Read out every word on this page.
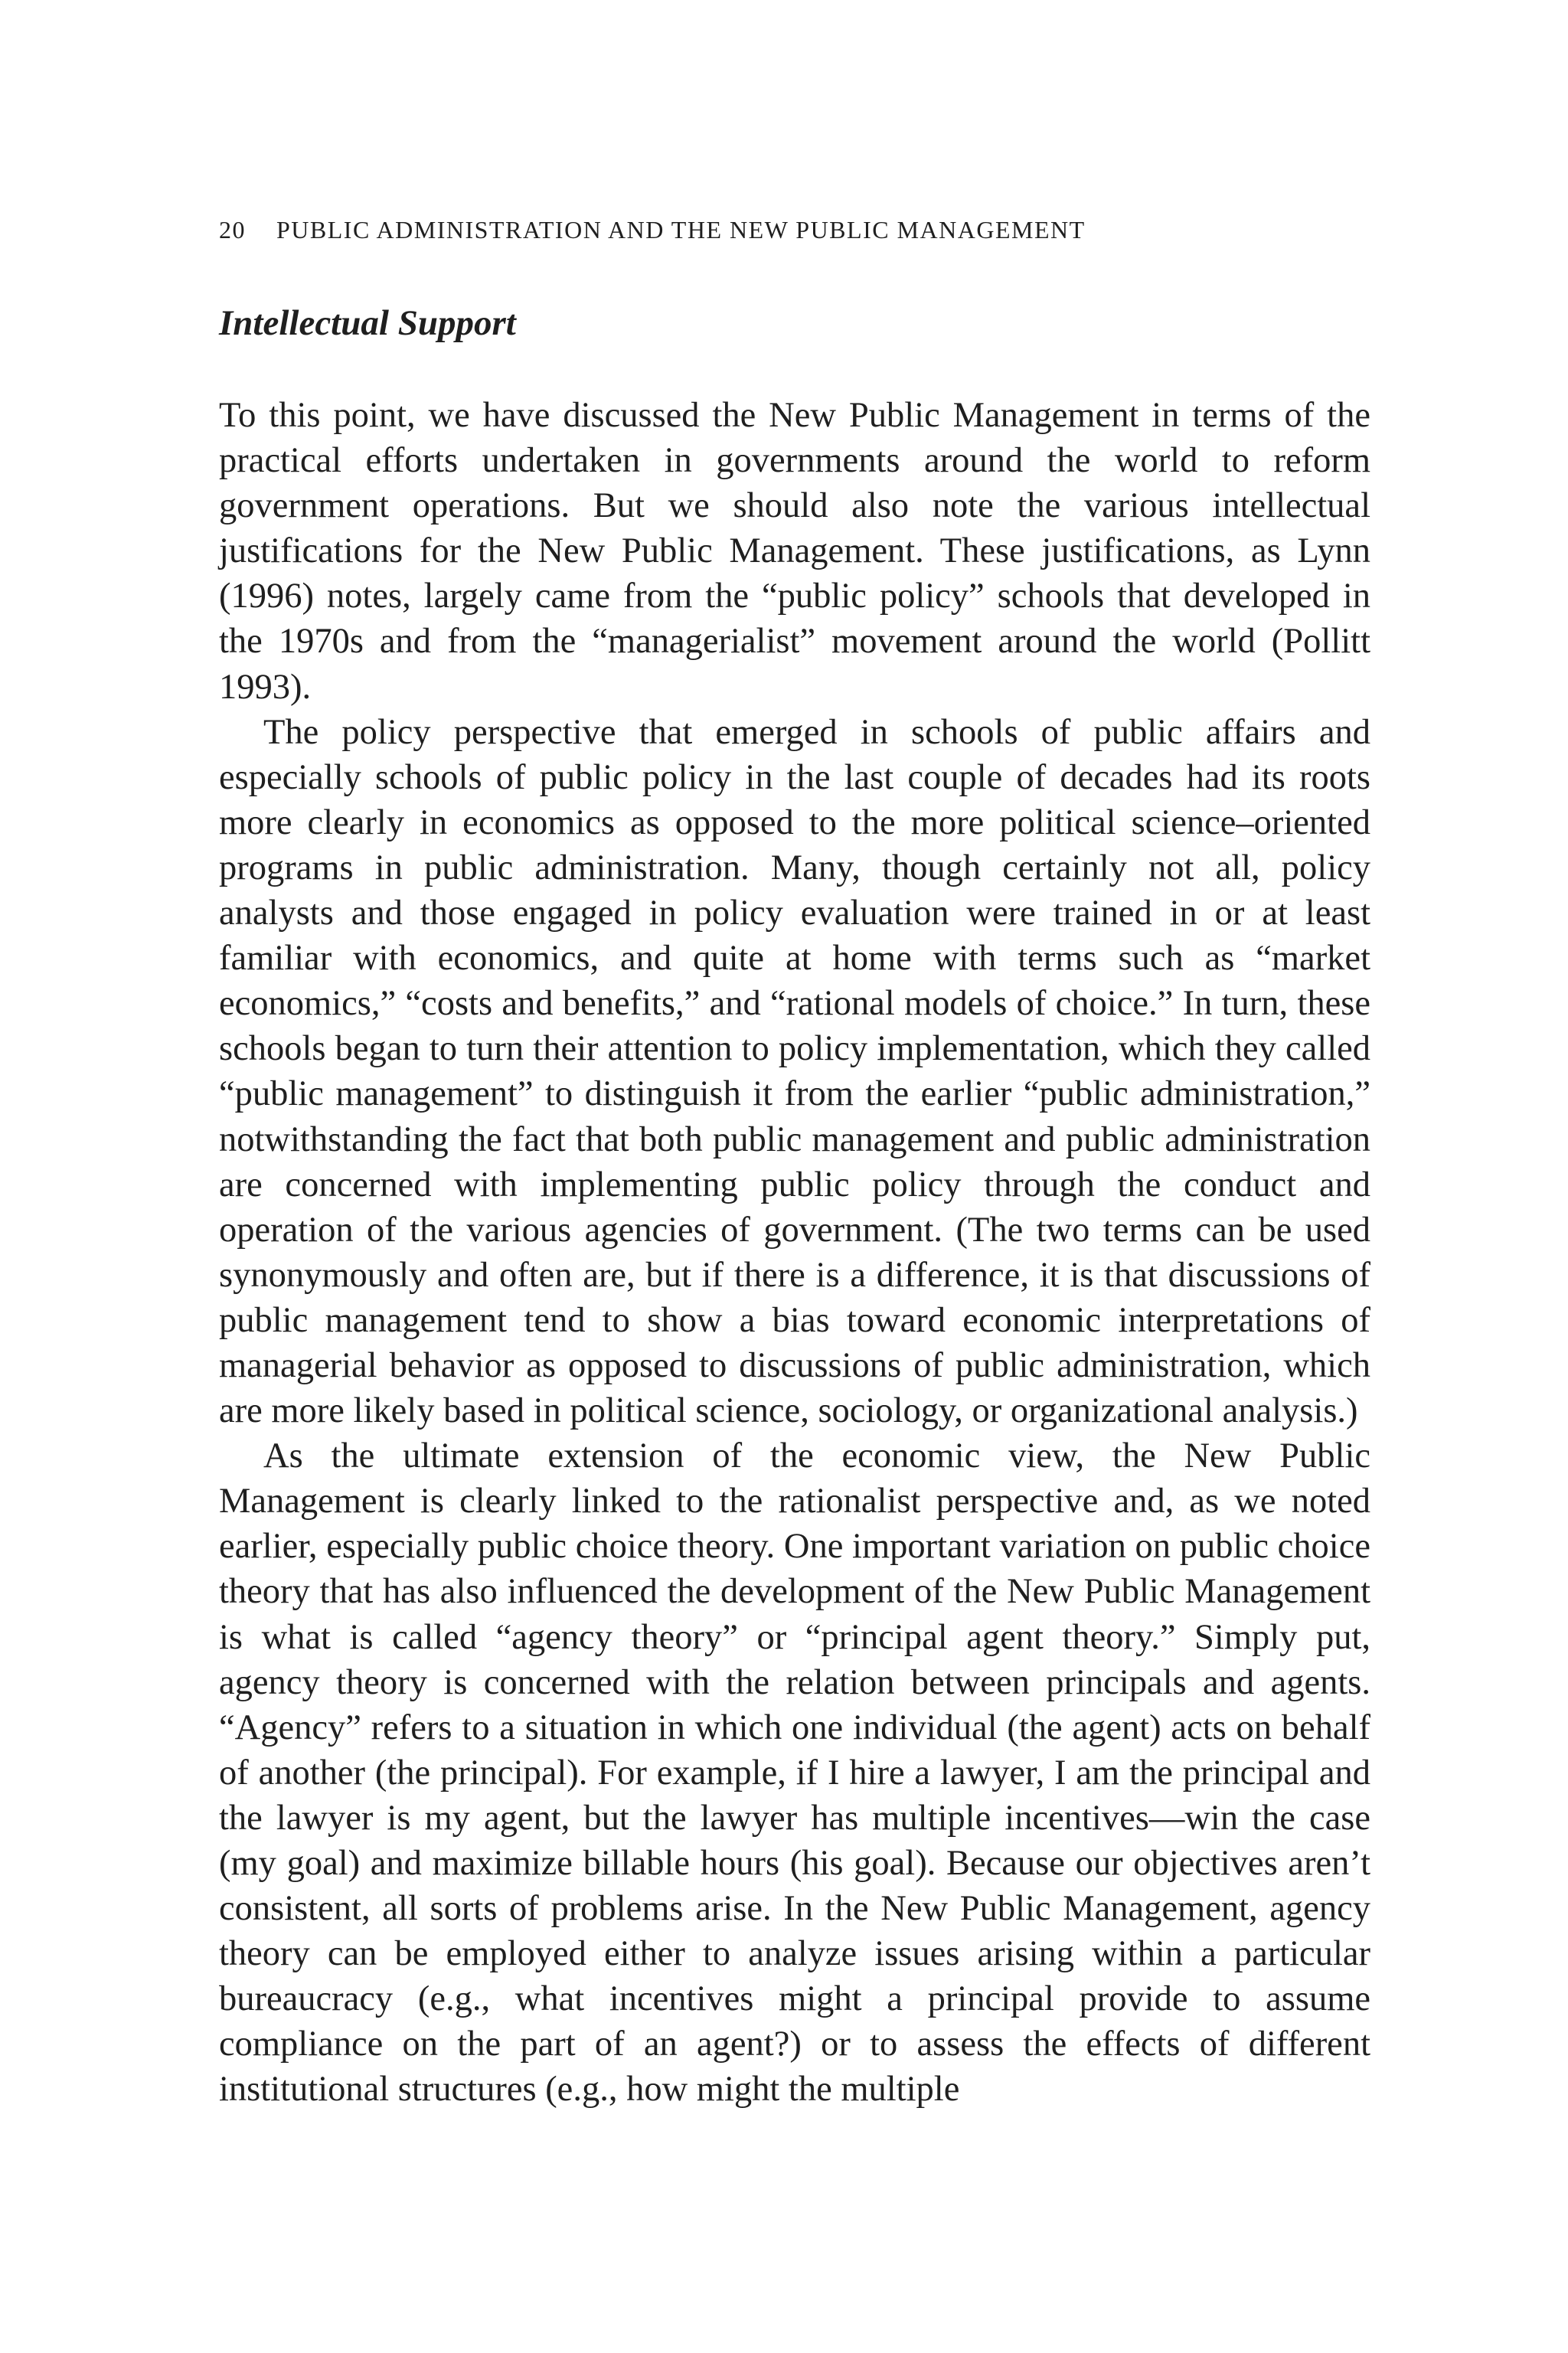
20 PUBLIC ADMINISTRATION AND THE NEW PUBLIC MANAGEMENT
Intellectual Support

To this point, we have discussed the New Public Management in terms of the practical efforts undertaken in governments around the world to reform government operations. But we should also note the various intellectual justifications for the New Public Management. These justifications, as Lynn (1996) notes, largely came from the “public policy” schools that developed in the 1970s and from the “managerialist” movement around the world (Pollitt 1993).

The policy perspective that emerged in schools of public affairs and especially schools of public policy in the last couple of decades had its roots more clearly in economics as opposed to the more political science–oriented programs in public administration. Many, though certainly not all, policy analysts and those engaged in policy evaluation were trained in or at least familiar with economics, and quite at home with terms such as “market economics,” “costs and benefits,” and “rational models of choice.” In turn, these schools began to turn their attention to policy implementation, which they called “public management” to distinguish it from the earlier “public administration,” notwithstanding the fact that both public management and public administration are concerned with implementing public policy through the conduct and operation of the various agencies of government. (The two terms can be used synonymously and often are, but if there is a difference, it is that discussions of public management tend to show a bias toward economic interpretations of managerial behavior as opposed to discussions of public administration, which are more likely based in political science, sociology, or organizational analysis.)

As the ultimate extension of the economic view, the New Public Management is clearly linked to the rationalist perspective and, as we noted earlier, especially public choice theory. One important variation on public choice theory that has also influenced the development of the New Public Management is what is called “agency theory” or “principal agent theory.” Simply put, agency theory is concerned with the relation between principals and agents. “Agency” refers to a situation in which one individual (the agent) acts on behalf of another (the principal). For example, if I hire a lawyer, I am the principal and the lawyer is my agent, but the lawyer has multiple incentives—win the case (my goal) and maximize billable hours (his goal). Because our objectives aren’t consistent, all sorts of problems arise. In the New Public Management, agency theory can be employed either to analyze issues arising within a particular bureaucracy (e.g., what incentives might a principal provide to assume compliance on the part of an agent?) or to assess the effects of different institutional structures (e.g., how might the multiple
